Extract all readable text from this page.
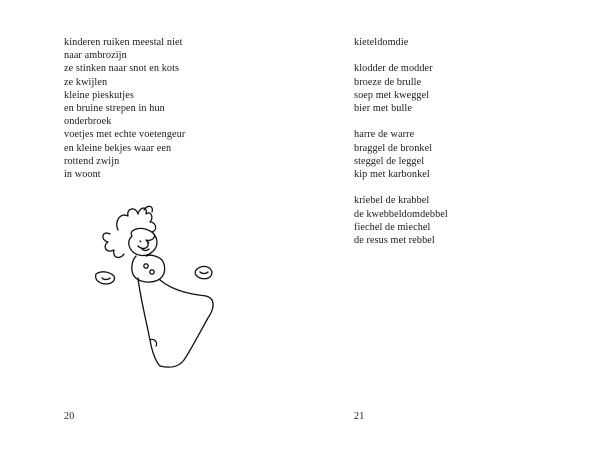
kinderen ruiken meestal niet
naar ambrozijn
ze stinken naar snot en kots
ze kwijlen
kleine pieskutjes
en bruine strepen in hun
onderbroek
voetjes met echte voetengeur
en kleine bekjes waar een
rottend zwijn
in woont
20
kieteldomdie
klodder de modder
broeze de brulle
soep met kweggel
bier met bulle
harre de warre
braggel de bronkel
steggel de leggel
kip met karbonkel
kriebel de krabbel
de kwebbeldomdebbel
fiechel de miechel
de resus met rebbel
21
